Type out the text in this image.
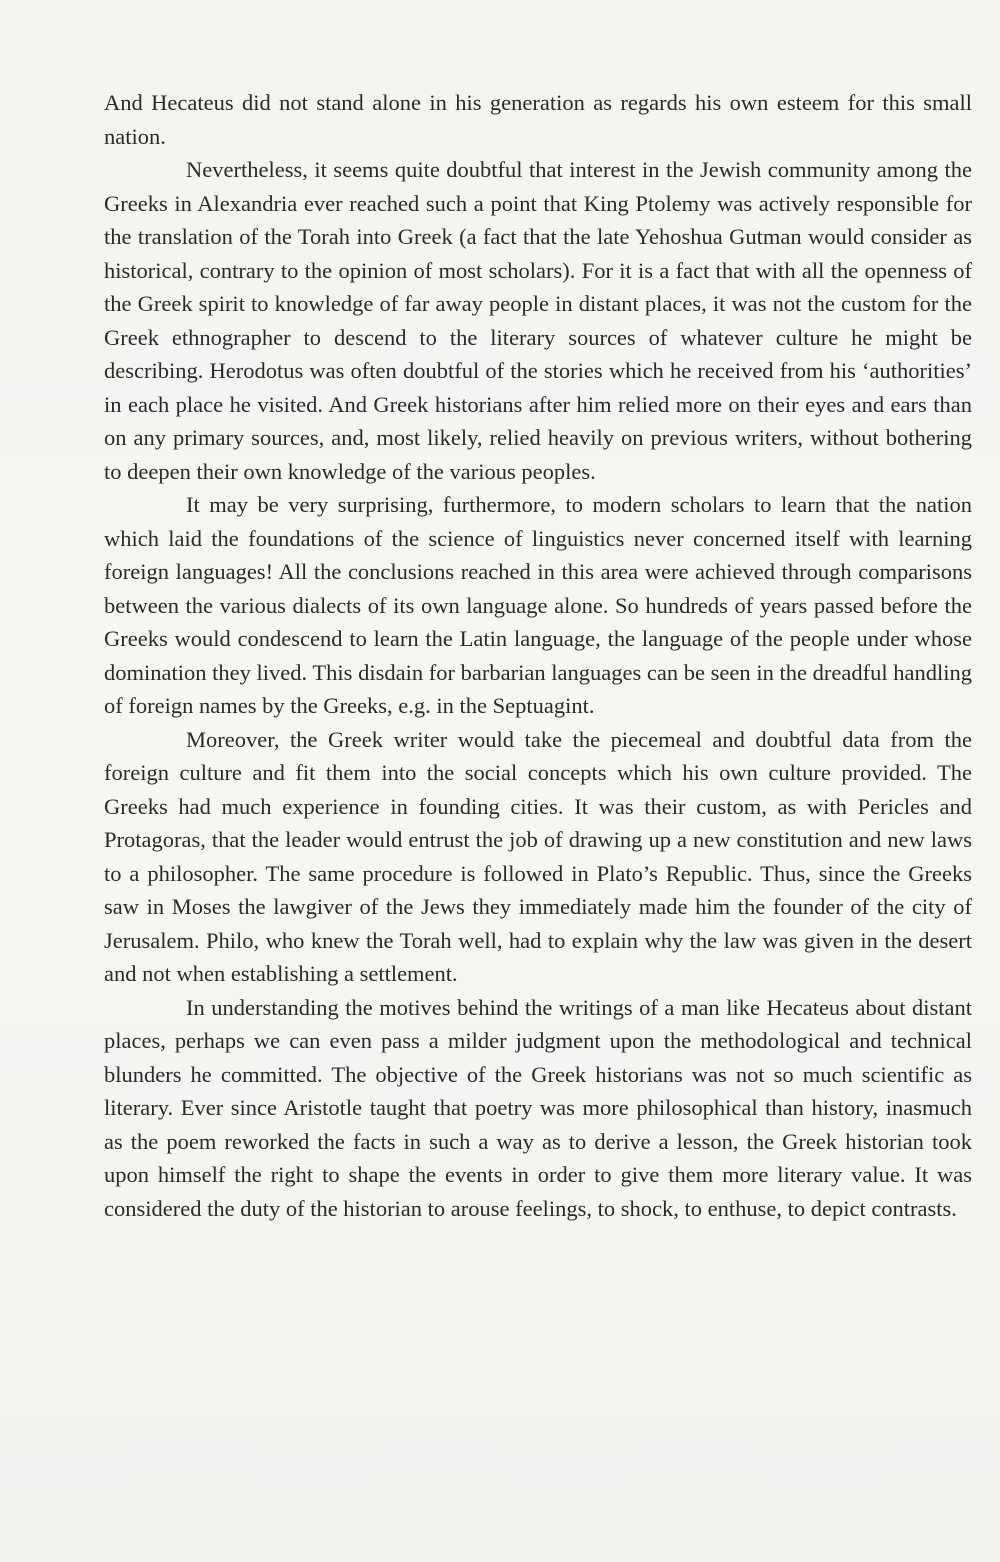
And Hecateus did not stand alone in his generation as regards his own esteem for this small nation.

Nevertheless, it seems quite doubtful that interest in the Jewish community among the Greeks in Alexandria ever reached such a point that King Ptolemy was actively responsible for the translation of the Torah into Greek (a fact that the late Yehoshua Gutman would consider as historical, contrary to the opinion of most scholars). For it is a fact that with all the openness of the Greek spirit to knowledge of far away people in distant places, it was not the custom for the Greek ethnographer to descend to the literary sources of whatever culture he might be describing. Herodotus was often doubtful of the stories which he received from his ‘authorities’ in each place he visited. And Greek historians after him relied more on their eyes and ears than on any primary sources, and, most likely, relied heavily on previous writers, without bothering to deepen their own knowledge of the various peoples.

It may be very surprising, furthermore, to modern scholars to learn that the nation which laid the foundations of the science of linguistics never concerned itself with learning foreign languages! All the conclusions reached in this area were achieved through comparisons between the various dialects of its own language alone. So hundreds of years passed before the Greeks would condescend to learn the Latin language, the language of the people under whose domination they lived. This disdain for barbarian languages can be seen in the dreadful handling of foreign names by the Greeks, e.g. in the Septuagint.

Moreover, the Greek writer would take the piecemeal and doubtful data from the foreign culture and fit them into the social concepts which his own culture provided. The Greeks had much experience in founding cities. It was their custom, as with Pericles and Protagoras, that the leader would entrust the job of drawing up a new constitution and new laws to a philosopher. The same procedure is followed in Plato’s Republic. Thus, since the Greeks saw in Moses the lawgiver of the Jews they immediately made him the founder of the city of Jerusalem. Philo, who knew the Torah well, had to explain why the law was given in the desert and not when establishing a settlement.

In understanding the motives behind the writings of a man like Hecateus about distant places, perhaps we can even pass a milder judgment upon the methodological and technical blunders he committed. The objective of the Greek historians was not so much scientific as literary. Ever since Aristotle taught that poetry was more philosophical than history, inasmuch as the poem reworked the facts in such a way as to derive a lesson, the Greek historian took upon himself the right to shape the events in order to give them more literary value. It was considered the duty of the historian to arouse feelings, to shock, to enthuse, to depict contrasts.
